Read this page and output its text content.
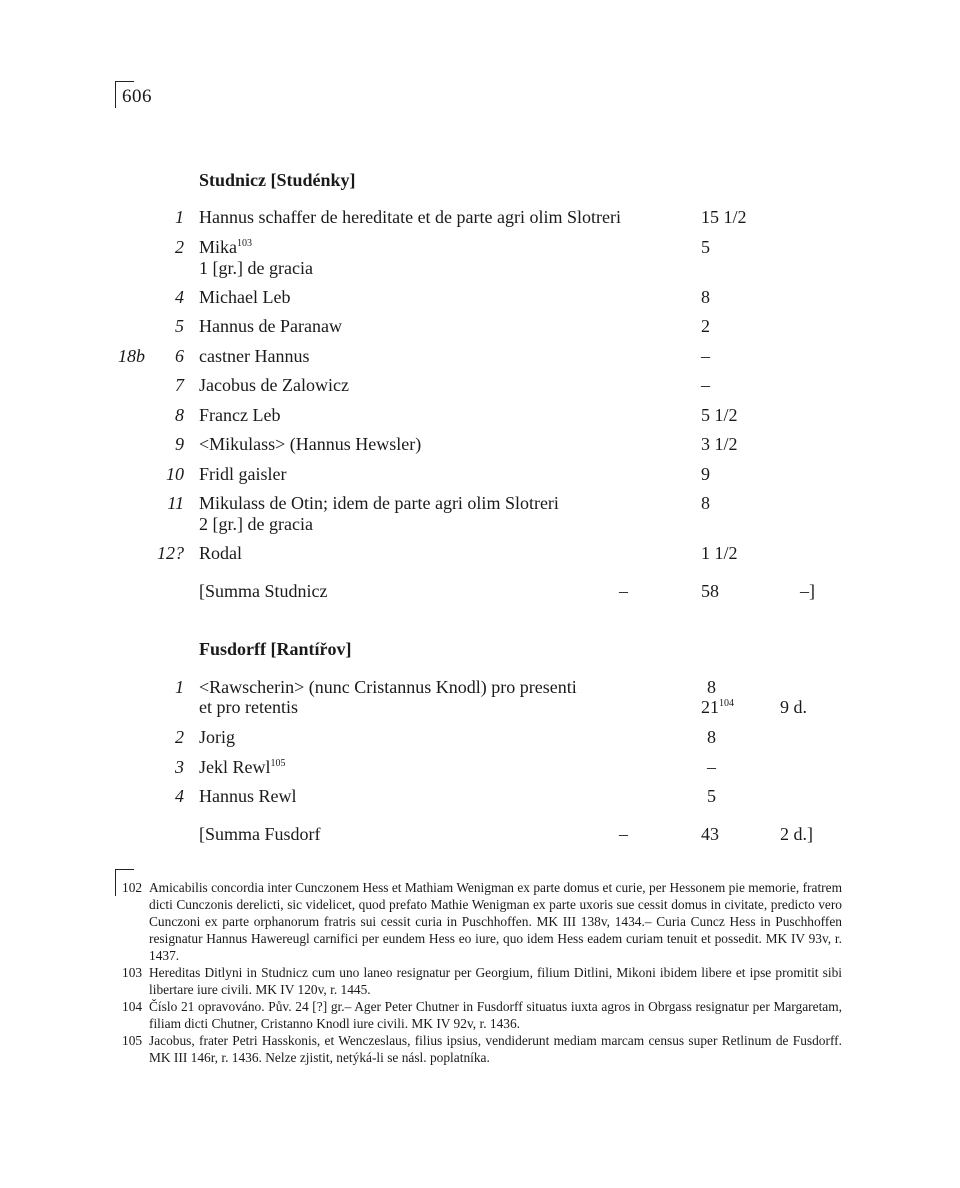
606
Studnicz [Studénky]
1 Hannus schaffer de hereditate et de parte agri olim Slotreri	15 1/2
2 Mika$^{103}$	5
1 [gr.] de gracia
4 Michael Leb	8
5 Hannus de Paranaw	2
18b 6 castner Hannus	–
7 Jacobus de Zalowicz	–
8 Francz Leb	5 1/2
9 <Mikulass> (Hannus Hewsler)	3 1/2
10 Fridl gaisler	9
11 Mikulass de Otin; idem de parte agri olim Slotreri	8
2 [gr.] de gracia
12? Rodal	1 1/2
[Summa Studnicz	–	58	–]
Fusdorff [Rantířov]
1 <Rawscherin> (nunc Cristannus Knodl) pro presenti	8
et pro retentis	$21^{104}$	9 d.
2 Jorig	8
3 Jekl Rewl$^{105}$	–
4 Hannus Rewl	5
[Summa Fusdorf	–	43	2 d.]
102 Amicabilis concordia inter Cunczonem Hess et Mathiam Wenigman ex parte domus et curie, per Hessonem pie memorie, fratrem dicti Cunczonis derelicti, sic videlicet, quod prefato Mathie Wenigman ex parte uxoris sue cessit domus in civitate, predicto vero Cunczoni ex parte orphanorum fratris sui cessit curia in Puschhoffen. MK III 138v, 1434.– Curia Cuncz Hess in Puschhoffen resignatur Hannus Hawereugl carnifici per eundem Hess eo iure, quo idem Hess eadem curiam tenuit et possedit. MK IV 93v, r. 1437.
103 Hereditas Ditlyni in Studnicz cum uno laneo resignatur per Georgium, filium Ditlini, Mikoni ibidem libere et ipse promitit sibi libertare iure civili. MK IV 120v, r. 1445.
104 Číslo 21 opravováno. Pův. 24 [?] gr.– Ager Peter Chutner in Fusdorff situatus iuxta agros in Obrgass resignatur per Margaretam, filiam dicti Chutner, Cristanno Knodl iure civili. MK IV 92v, r. 1436.
105 Jacobus, frater Petri Hasskonis, et Wenczeslaus, filius ipsius, vendiderunt mediam marcam census super Retlinum de Fusdorff. MK III 146r, r. 1436. Nelze zjistit, netýká-li se násl. poplatníka.
